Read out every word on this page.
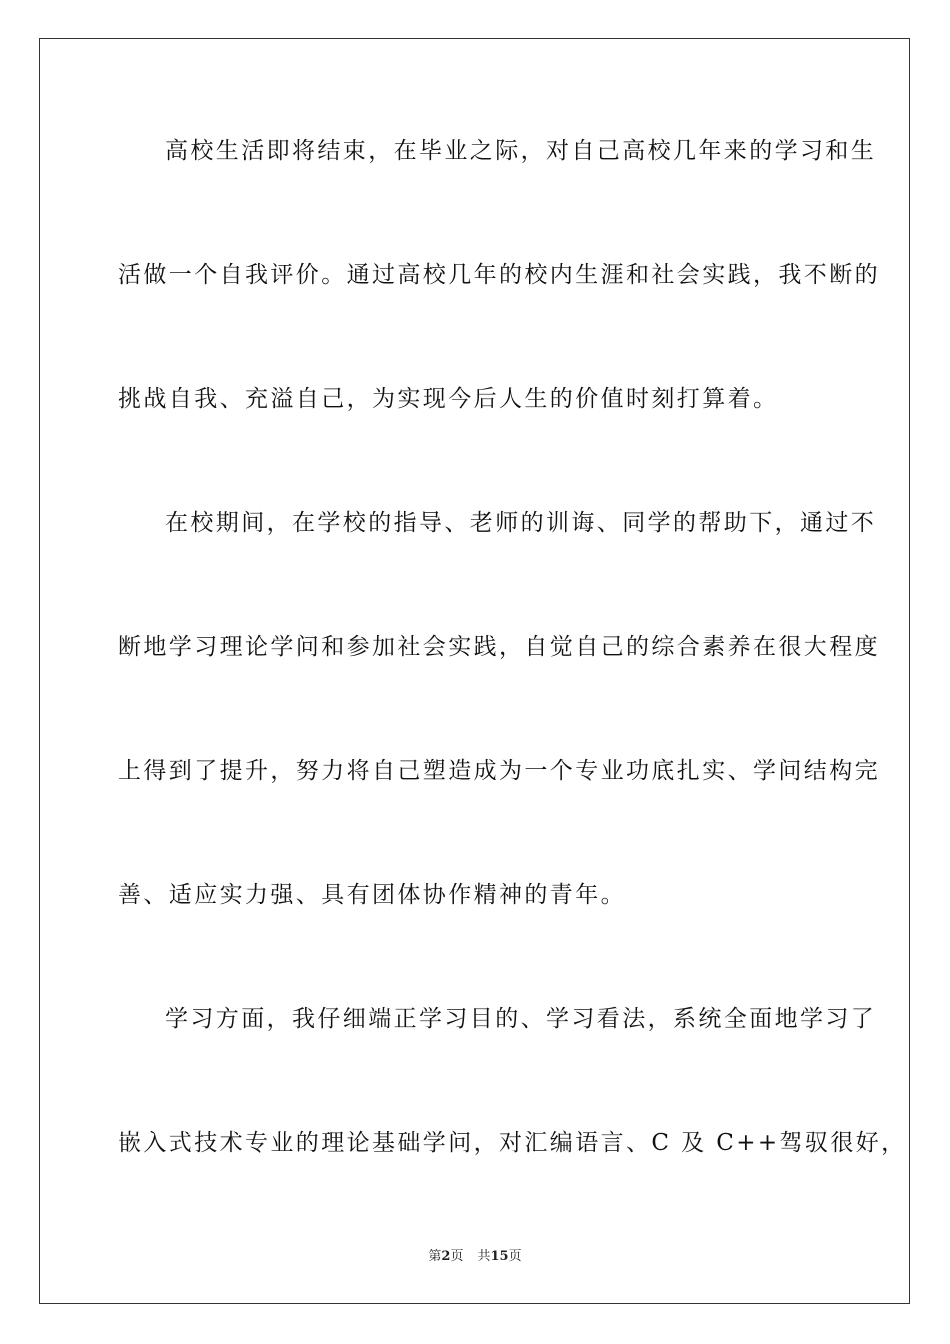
高校生活即将结束，在毕业之际，对自己高校几年来的学习和生
活做一个自我评价。通过高校几年的校内生涯和社会实践，我不断的
挑战自我、充溢自己，为实现今后人生的价值时刻打算着。
在校期间，在学校的指导、老师的训诲、同学的帮助下，通过不
断地学习理论学问和参加社会实践，自觉自己的综合素养在很大程度
上得到了提升，努力将自己塑造成为一个专业功底扎实、学问结构完
善、适应实力强、具有团体协作精神的青年。
学习方面，我仔细端正学习目的、学习看法，系统全面地学习了
嵌入式技术专业的理论基础学问，对汇编语言、C 及 C++驾驭很好，
第2页 共15页
